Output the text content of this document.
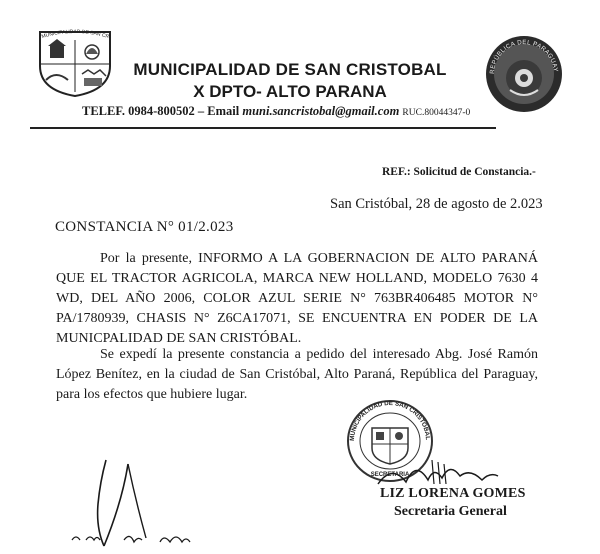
MUNICIPALIDAD DE SAN CR
MUNICIPALIDAD DE SAN CRISTOBAL
X DPTO- ALTO PARANA
TELEF. 0984-800502 – Email muni.sancristobal@gmail.com RUC.80044347-0
REPÚBLICA DEL PARAGUAY
REF.: Solicitud de Constancia.-
San Cristóbal, 28 de agosto de 2.023
CONSTANCIA N° 01/2.023
Por la presente, INFORMO A LA GOBERNACION DE ALTO PARANÁ QUE EL TRACTOR AGRICOLA, MARCA NEW HOLLAND, MODELO 7630 4 WD, DEL AÑO 2006, COLOR AZUL SERIE N° 763BR406485 MOTOR N° PA/1780939, CHASIS N° Z6CA17071, SE ENCUENTRA EN PODER DE LA MUNICPALIDAD DE SAN CRISTÓBAL.
Se expedí la presente constancia a pedido del interesado Abg. José Ramón López Benítez, en la ciudad de San Cristóbal, Alto Paraná, República del Paraguay, para los efectos que hubiere lugar.
MUNICIPALIDAD DE SAN CRISTOBAL
SECRETARIA
LIZ LORENA GOMES
Secretaria General
